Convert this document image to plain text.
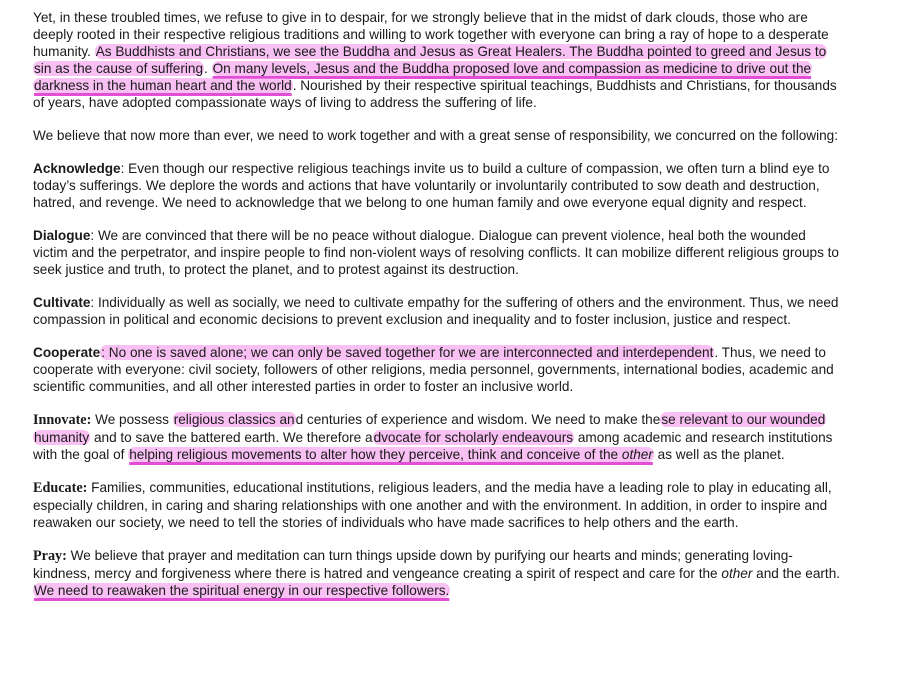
Yet, in these troubled times, we refuse to give in to despair, for we strongly believe that in the midst of dark clouds, those who are deeply rooted in their respective religious traditions and willing to work together with everyone can bring a ray of hope to a desperate humanity. As Buddhists and Christians, we see the Buddha and Jesus as Great Healers. The Buddha pointed to greed and Jesus to sin as the cause of suffering. On many levels, Jesus and the Buddha proposed love and compassion as medicine to drive out the darkness in the human heart and the world. Nourished by their respective spiritual teachings, Buddhists and Christians, for thousands of years, have adopted compassionate ways of living to address the suffering of life.

We believe that now more than ever, we need to work together and with a great sense of responsibility, we concurred on the following:

Acknowledge: Even though our respective religious teachings invite us to build a culture of compassion, we often turn a blind eye to today’s sufferings. We deplore the words and actions that have voluntarily or involuntarily contributed to sow death and destruction, hatred, and revenge. We need to acknowledge that we belong to one human family and owe everyone equal dignity and respect.

Dialogue: We are convinced that there will be no peace without dialogue. Dialogue can prevent violence, heal both the wounded victim and the perpetrator, and inspire people to find non-violent ways of resolving conflicts. It can mobilize different religious groups to seek justice and truth, to protect the planet, and to protest against its destruction.

Cultivate: Individually as well as socially, we need to cultivate empathy for the suffering of others and the environment. Thus, we need compassion in political and economic decisions to prevent exclusion and inequality and to foster inclusion, justice and respect.

Cooperate: No one is saved alone; we can only be saved together for we are interconnected and interdependent. Thus, we need to cooperate with everyone: civil society, followers of other religions, media personnel, governments, international bodies, academic and scientific communities, and all other interested parties in order to foster an inclusive world.

Innovate: We possess religious classics and centuries of experience and wisdom. We need to make these relevant to our wounded humanity and to save the battered earth. We therefore advocate for scholarly endeavours among academic and research institutions with the goal of helping religious movements to alter how they perceive, think and conceive of the other as well as the planet.

Educate: Families, communities, educational institutions, religious leaders, and the media have a leading role to play in educating all, especially children, in caring and sharing relationships with one another and with the environment. In addition, in order to inspire and reawaken our society, we need to tell the stories of individuals who have made sacrifices to help others and the earth.

Pray: We believe that prayer and meditation can turn things upside down by purifying our hearts and minds; generating loving-kindness, mercy and forgiveness where there is hatred and vengeance creating a spirit of respect and care for the other and the earth. We need to reawaken the spiritual energy in our respective followers.
